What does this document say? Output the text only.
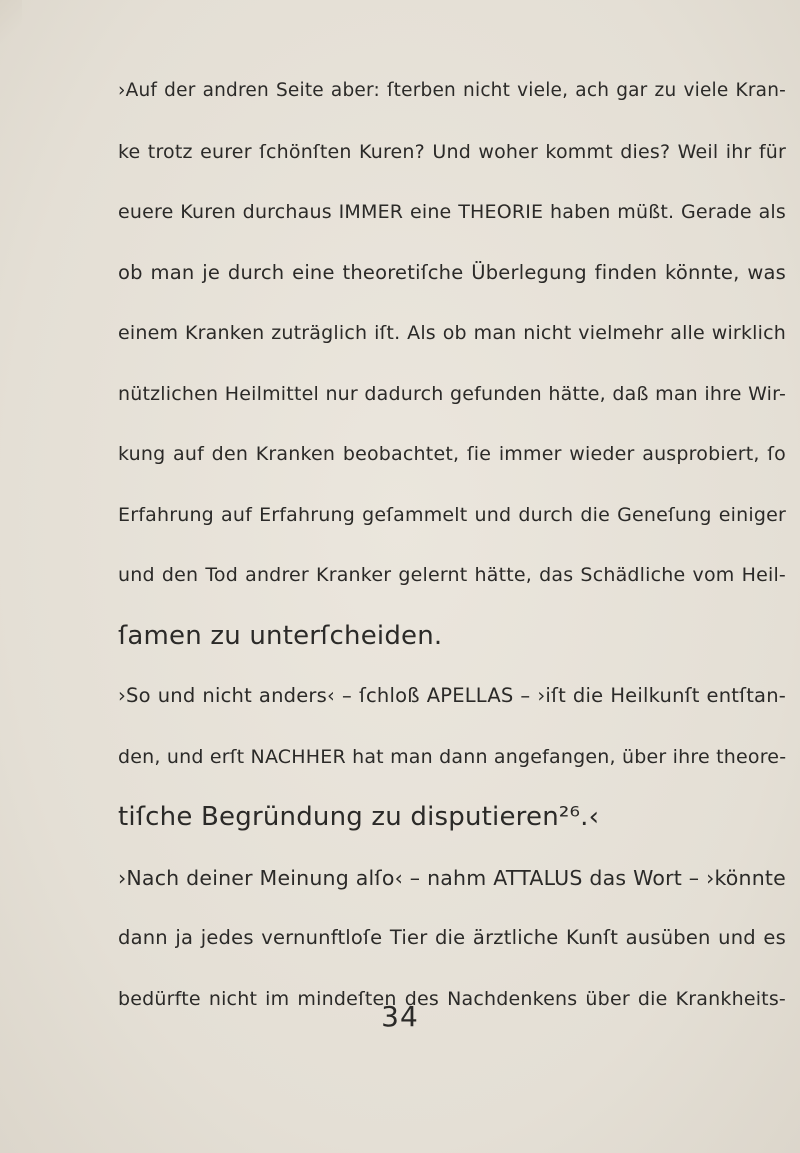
›Auf der andren Seite aber: ſterben nicht viele, ach gar zu viele Kran-
ke trotz eurer ſchönſten Kuren? Und woher kommt dies? Weil ihr für
euere Kuren durchaus IMMER eine THEORIE haben müßt. Gerade als
ob man je durch eine theoretiſche Überlegung finden könnte, was
einem Kranken zuträglich iſt. Als ob man nicht vielmehr alle wirklich
nützlichen Heilmittel nur dadurch gefunden hätte, daß man ihre Wir-
kung auf den Kranken beobachtet, ſie immer wieder ausprobiert, ſo
Erfahrung auf Erfahrung geſammelt und durch die Geneſung einiger
und den Tod andrer Kranker gelernt hätte, das Schädliche vom Heil-
ſamen zu unterſcheiden.
›So und nicht anders‹ – ſchloß APELLAS – ›iſt die Heilkunſt entſtan-
den, und erſt NACHHER hat man dann angefangen, über ihre theore-
tiſche Begründung zu disputieren²⁶.‹
›Nach deiner Meinung alſo‹ – nahm ATTALUS das Wort – ›könnte
dann ja jedes vernunftloſe Tier die ärztliche Kunſt ausüben und es
bedürfte nicht im mindeſten des Nachdenkens über die Krankheits-
34
